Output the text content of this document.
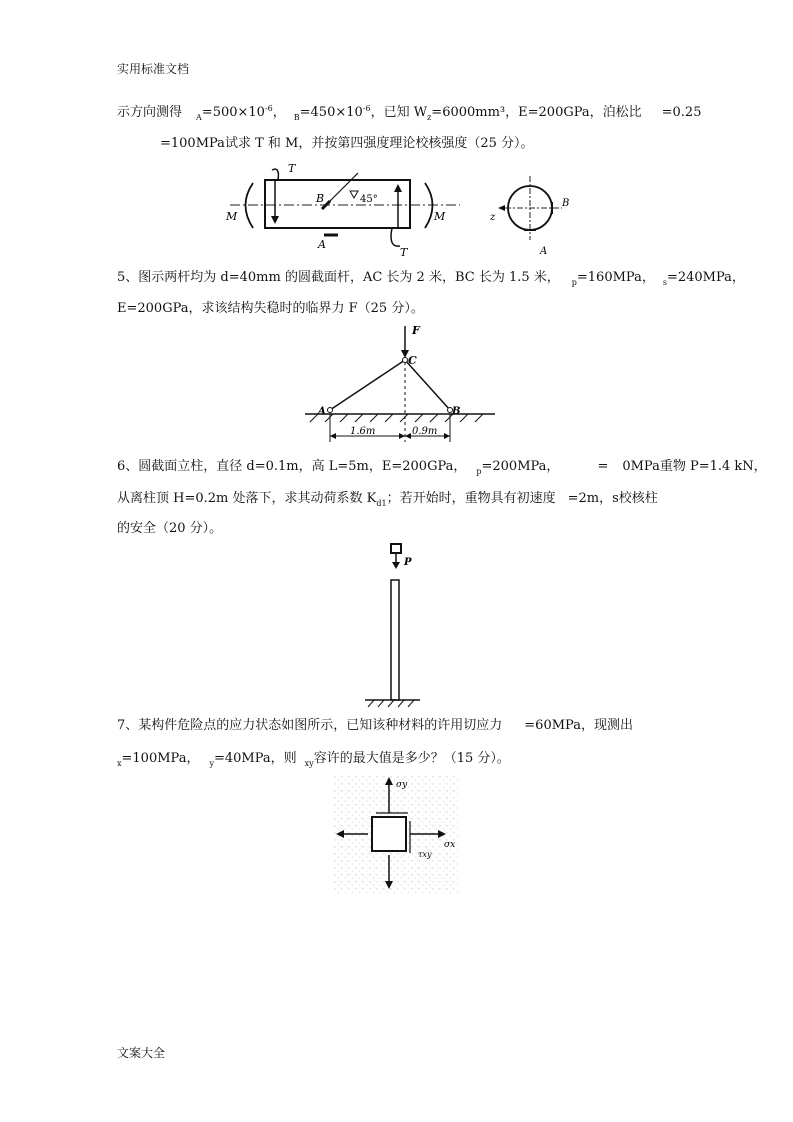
实用标准文档
示方向测得 $_A=500\times 10^{-6}$， $_B=450\times 10^{-6}$，已知 $W_z=6000mm^3$，E=200GPa，泊松比 =0.25
=100MPa试求 T 和 M，并按第四强度理论校核强度（25 分）。
T
T
M	M
B
A
45°
z
B
A
5、图示两杆均为 d=40mm 的圆截面杆，AC 长为 2 米，BC 长为 1.5 米， $_p$=160MPa， $_s$=240MPa，
E=200GPa，求该结构失稳时的临界力 F（25 分）。
F
C
A	B
1.6m	0.9m
6、圆截面立柱，直径 d=0.1m，高 L=5m，E=200GPa， $_p$=200MPa，	= 0MPa重物 P=1.4 kN，
从离柱顶 H=0.2m 处落下，求其动荷系数 $K_{d1}$；若开始时，重物具有初速度 =2m，s校核柱
的安全（20 分）。
P
7、某构件危险点的应力状态如图所示，已知该种材料的许用切应力 =60MPa，现测出
$_x$=100MPa， $_y$=40MPa，则 $_{xy}$容许的最大值是多少？（15 分）。
σy
σx
τxy
文案大全
